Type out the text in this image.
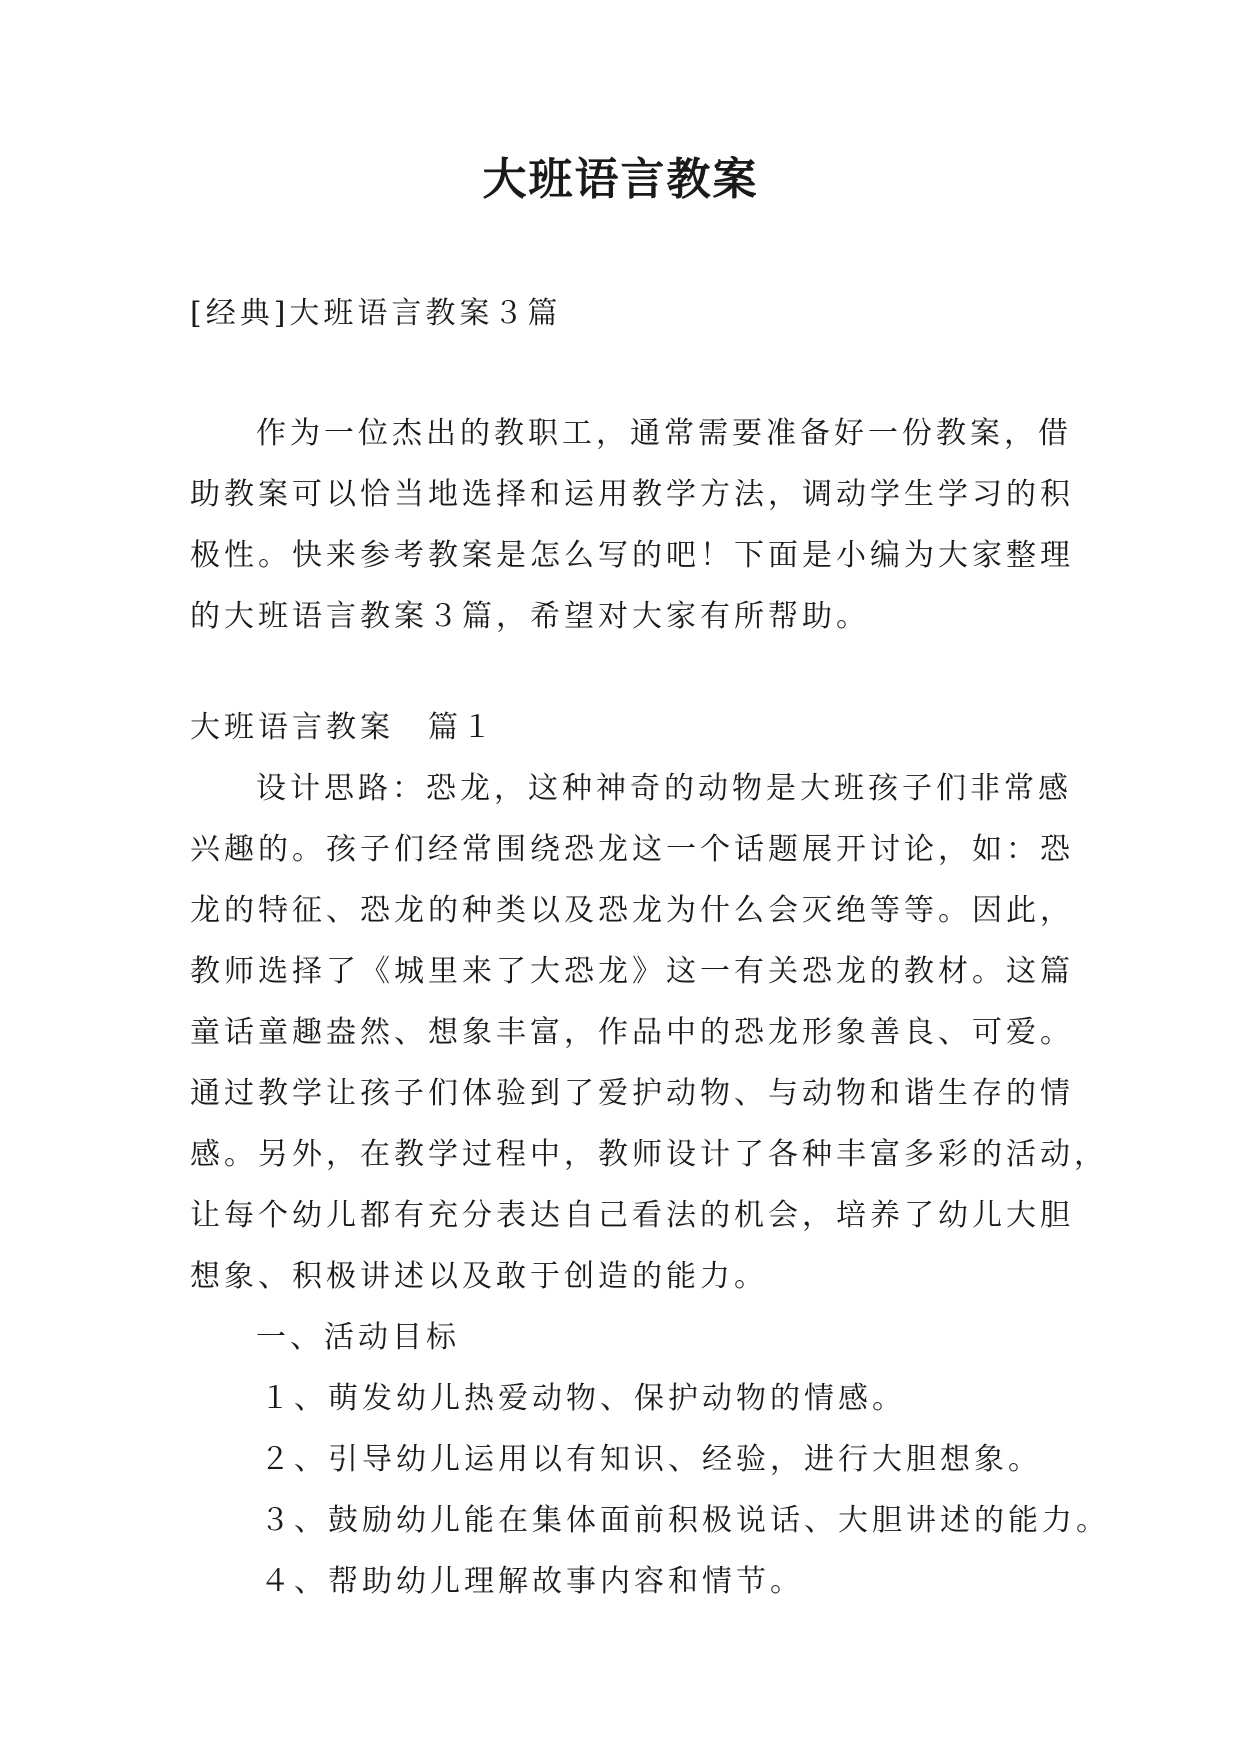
大班语言教案

[经典]大班语言教案３篇

作为一位杰出的教职工，通常需要准备好一份教案，借
助教案可以恰当地选择和运用教学方法，调动学生学习的积
极性。快来参考教案是怎么写的吧！下面是小编为大家整理
的大班语言教案３篇，希望对大家有所帮助。
大班语言教案　篇１
设计思路：恐龙，这种神奇的动物是大班孩子们非常感
兴趣的。孩子们经常围绕恐龙这一个话题展开讨论，如：恐
龙的特征、恐龙的种类以及恐龙为什么会灭绝等等。因此，
教师选择了《城里来了大恐龙》这一有关恐龙的教材。这篇
童话童趣盎然、想象丰富，作品中的恐龙形象善良、可爱。
通过教学让孩子们体验到了爱护动物、与动物和谐生存的情
感。另外，在教学过程中，教师设计了各种丰富多彩的活动，
让每个幼儿都有充分表达自己看法的机会，培养了幼儿大胆
想象、积极讲述以及敢于创造的能力。
一、活动目标
１、萌发幼儿热爱动物、保护动物的情感。
２、引导幼儿运用以有知识、经验，进行大胆想象。
３、鼓励幼儿能在集体面前积极说话、大胆讲述的能力。
４、帮助幼儿理解故事内容和情节。
